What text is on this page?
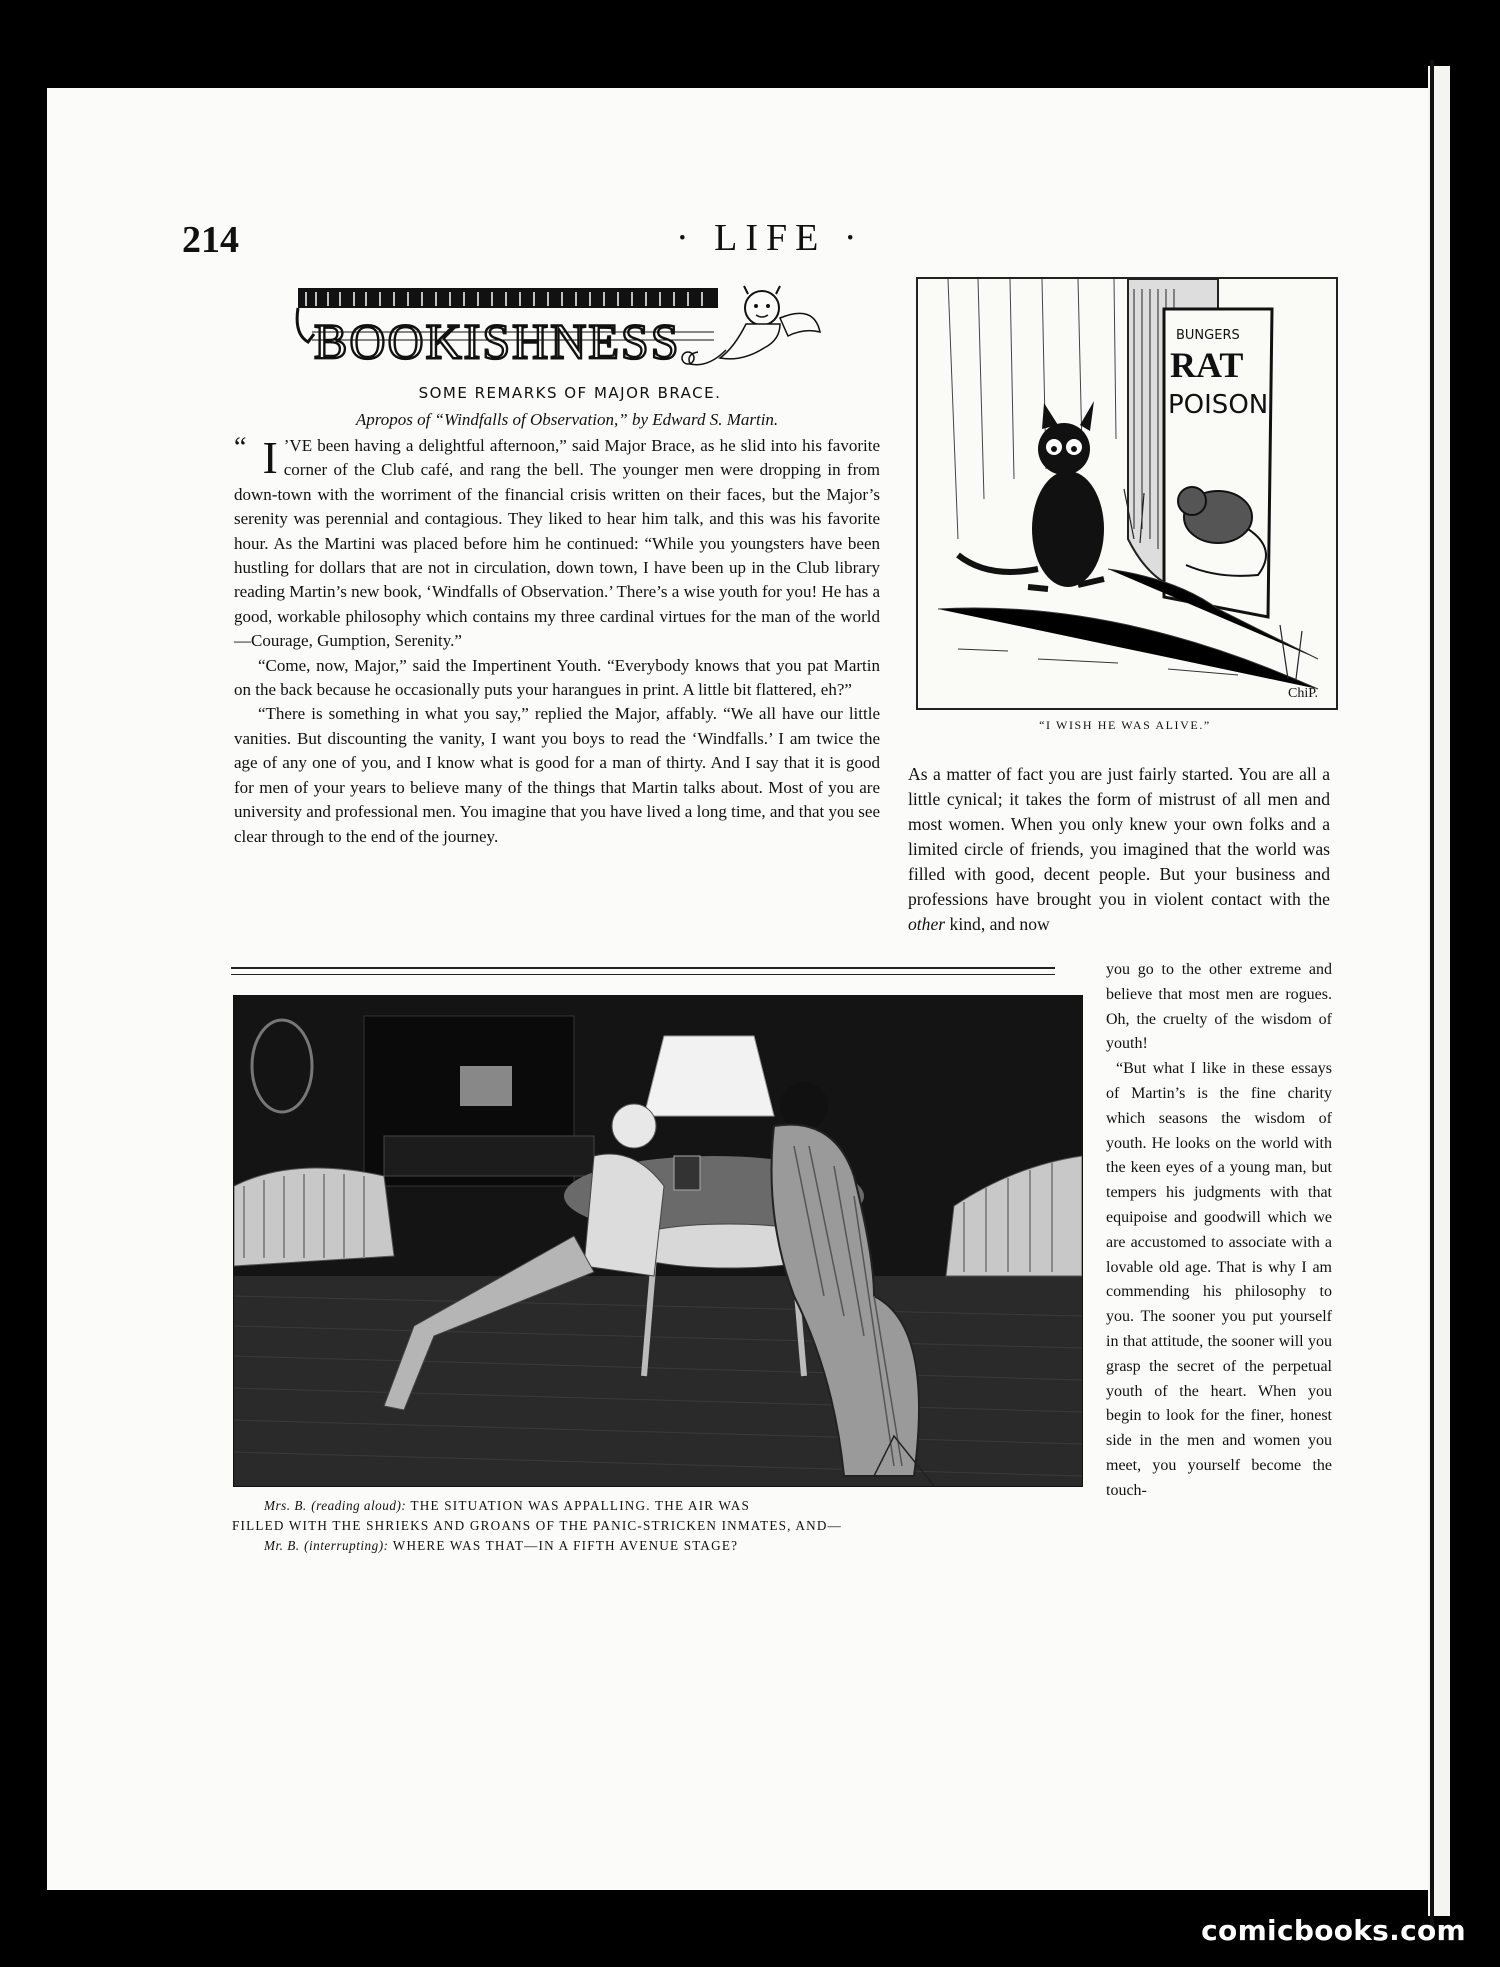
214	· LIFE ·
BOOKISHNESS
SOME REMARKS OF MAJOR BRACE.
Apropos of “Windfalls of Observation,” by Edward S. Martin.

“ I ’VE been having a delightful afternoon,” said Major Brace, as he slid into his favorite corner of the Club café, and rang the bell. The younger men were dropping in from down-town with the worriment of the financial crisis written on their faces, but the Major’s serenity was perennial and contagious. They liked to hear him talk, and this was his favorite hour. As the Martini was placed before him he continued: “While you youngsters have been hustling for dollars that are not in circulation, down town, I have been up in the Club library reading Martin’s new book, ‘Windfalls of Observation.’ There’s a wise youth for you! He has a good, workable philosophy which contains my three cardinal virtues for the man of the world—Courage, Gumption, Serenity.”

“Come, now, Major,” said the Impertinent Youth. “Everybody knows that you pat Martin on the back because he occasionally puts your harangues in print. A little bit flattered, eh?”

“There is something in what you say,” replied the Major, affably. “We all have our little vanities. But discounting the vanity, I want you boys to read the ‘Windfalls.’ I am twice the age of any one of you, and I know what is good for a man of thirty. And I say that it is good for men of your years to believe many of the things that Martin talks about. Most of you are university and professional men. You imagine that you have lived a long time, and that you see clear through to the end of the journey.

BUNGERS
RAT
POISON
ChiP.
“I WISH HE WAS ALIVE.”

As a matter of fact you are just fairly started. You are all a little cynical; it takes the form of mistrust of all men and most women. When you only knew your own folks and a limited circle of friends, you imagined that the world was filled with good, decent people. But your business and professions have brought you in violent contact with the other kind, and now

you go to the other extreme and believe that most men are rogues. Oh, the cruelty of the wisdom of youth!

“But what I like in these essays of Martin’s is the fine charity which seasons the wisdom of youth. He looks on the world with the keen eyes of a young man, but tempers his judgments with that equipoise and goodwill which we are accustomed to associate with a lovable old age. That is why I am commending his philosophy to you. The sooner you put yourself in that attitude, the sooner will you grasp the secret of the perpetual youth of the heart. When you begin to look for the finer, honest side in the men and women you meet, you yourself become the touch-

Mrs. B. (reading aloud): THE SITUATION WAS APPALLING. THE AIR WAS
FILLED WITH THE SHRIEKS AND GROANS OF THE PANIC-STRICKEN INMATES, AND—
Mr. B. (interrupting): WHERE WAS THAT—IN A FIFTH AVENUE STAGE?
comicbooks.com
